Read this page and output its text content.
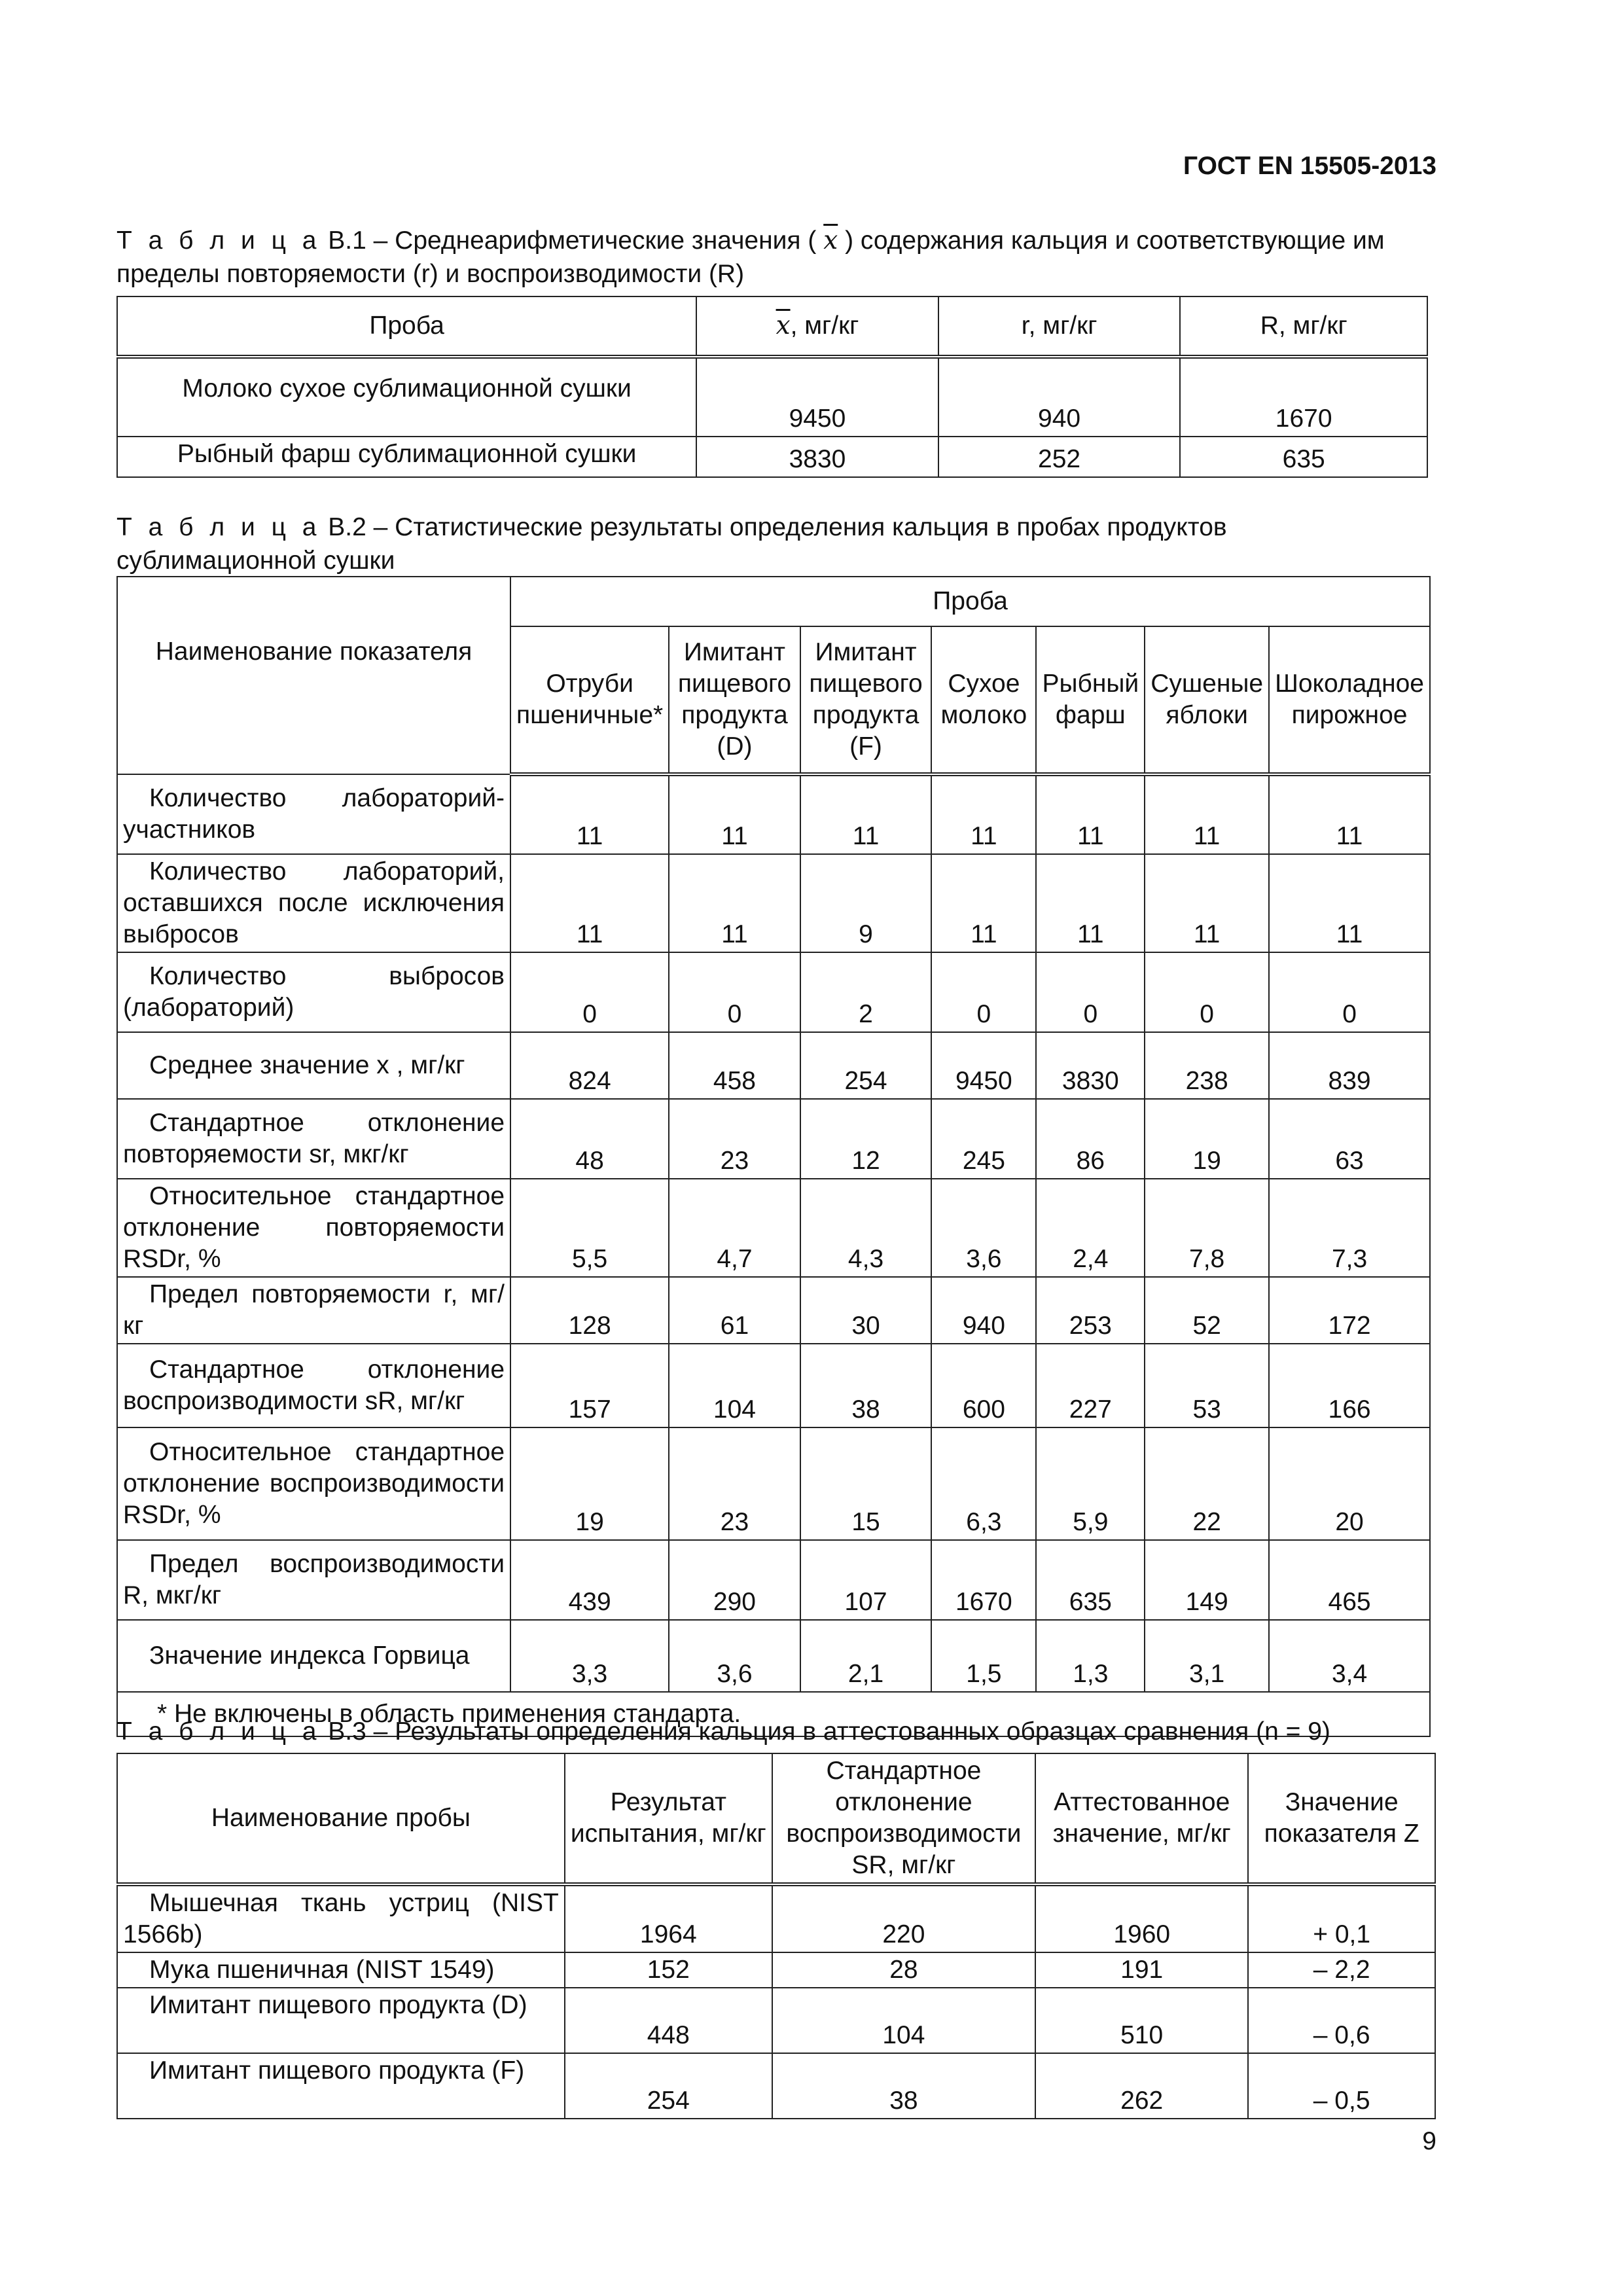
ГОСТ EN 15505-2013
Т а б л и ц а В.1 – Среднеарифметические значения ( $\overline{x}$ ) содержания кальция и соответствующие им пределы повторяемости (r) и воспроизводимости (R)
Проба	$\overline{x}$, мг/кг	r, мг/кг	R, мг/кг
Молоко сухое сублимационной сушки	9450	940	1670
Рыбный фарш сублимационной сушки	3830	252	635
Т а б л и ц а В.2 – Статистические результаты определения кальция в пробах продуктов сублимационной сушки
Наименование показателя	Проба						
	Отруби пшеничные*	Имитант пищевого продукта (D)	Имитант пищевого продукта (F)	Сухое молоко	Рыбный фарш	Сушеные яблоки	Шоколадное пирожное
Количество лабораторий-участников	11	11	11	11	11	11	11
Количество лабораторий, оставшихся после исключения выбросов	11	11	9	11	11	11	11
Количество выбросов (лабораторий)	0	0	2	0	0	0	0
Среднее значение x , мг/кг	824	458	254	9450	3830	238	839
Стандартное отклонение повторяемости sr, мкг/кг	48	23	12	245	86	19	63
Относительное стандартное отклонение повторяемости RSDr, %	5,5	4,7	4,3	3,6	2,4	7,8	7,3
Предел повторяемости r, мг/кг	128	61	30	940	253	52	172
Стандартное отклонение воспроизводимости sR, мг/кг	157	104	38	600	227	53	166
Относительное стандартное отклонение воспроизводимости RSDr, %	19	23	15	6,3	5,9	22	20
Предел воспроизводимости R, мкг/кг	439	290	107	1670	635	149	465
Значение индекса Горвица	3,3	3,6	2,1	1,5	1,3	3,1	3,4
* Не включены в область применения стандарта.							
Т а б л и ц а В.3 – Результаты определения кальция в аттестованных образцах сравнения (n = 9)
Наименование пробы	Результат испытания, мг/кг	Стандартное отклонение воспроизводимости SR, мг/кг	Аттестованное значение, мг/кг	Значение показателя Z
Мышечная ткань устриц (NIST 1566b)	1964	220	1960	+ 0,1
Мука пшеничная (NIST 1549)	152	28	191	– 2,2
Имитант пищевого продукта (D)	448	104	510	– 0,6
Имитант пищевого продукта (F)	254	38	262	– 0,5
9
